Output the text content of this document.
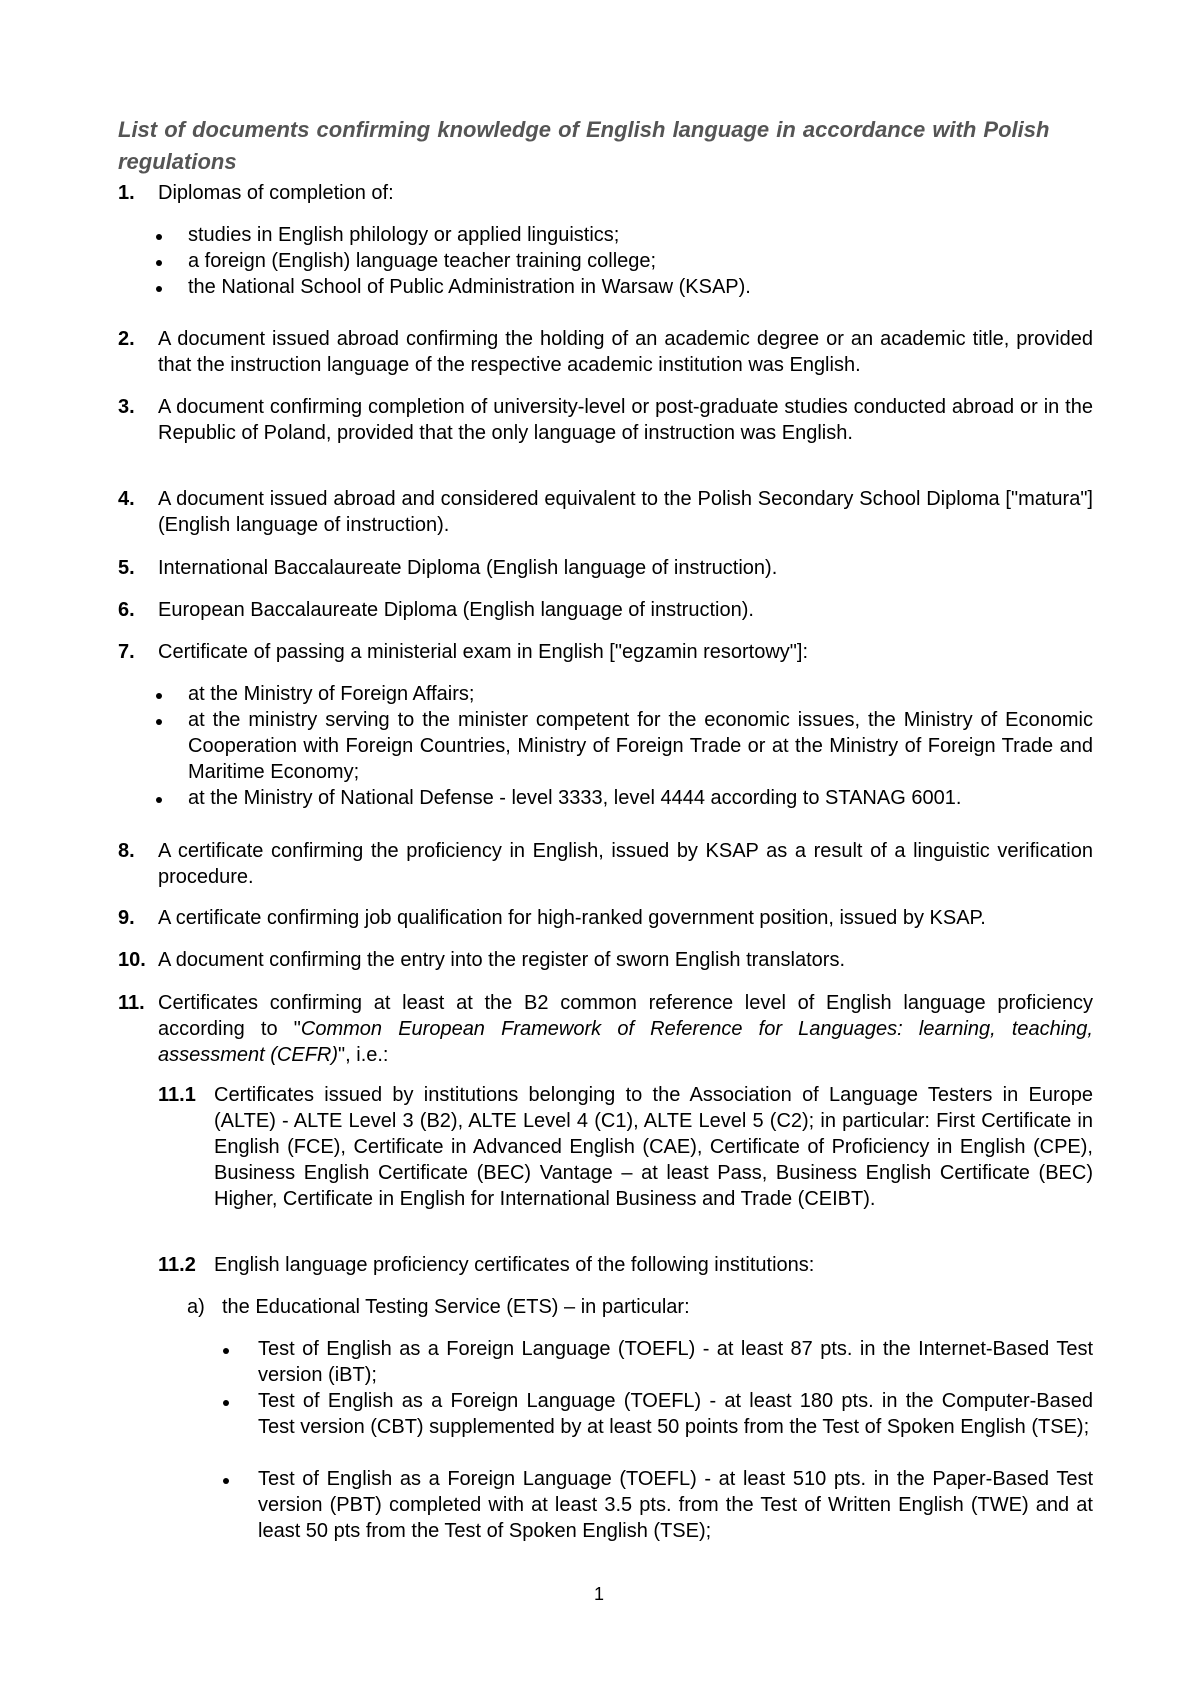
List of documents confirming knowledge of English language in accordance with Polish regulations
1. Diplomas of completion of:
studies in English philology or applied linguistics;
a foreign (English) language teacher training college;
the National School of Public Administration in Warsaw (KSAP).
2. A document issued abroad confirming the holding of an academic degree or an academic title, provided that the instruction language of the respective academic institution was English.
3. A document confirming completion of university-level or post-graduate studies conducted abroad or in the Republic of Poland, provided that the only language of instruction was English.
4. A document issued abroad and considered equivalent to the Polish Secondary School Diploma ["matura"] (English language of instruction).
5. International Baccalaureate Diploma (English language of instruction).
6. European Baccalaureate Diploma (English language of instruction).
7. Certificate of passing a ministerial exam in English ["egzamin resortowy"]:
at the Ministry of Foreign Affairs;
at the ministry serving to the minister competent for the economic issues, the Ministry of Economic Cooperation with Foreign Countries, Ministry of Foreign Trade or at the Ministry of Foreign Trade and Maritime Economy;
at the Ministry of National Defense - level 3333, level 4444 according to STANAG 6001.
8. A certificate confirming the proficiency in English, issued by KSAP as a result of a linguistic verification procedure.
9. A certificate confirming job qualification for high-ranked government position, issued by KSAP.
10. A document confirming the entry into the register of sworn English translators.
11. Certificates confirming at least at the B2 common reference level of English language proficiency according to "Common European Framework of Reference for Languages: learning, teaching, assessment (CEFR)", i.e.:
11.1 Certificates issued by institutions belonging to the Association of Language Testers in Europe (ALTE) - ALTE Level 3 (B2), ALTE Level 4 (C1), ALTE Level 5 (C2); in particular: First Certificate in English (FCE), Certificate in Advanced English (CAE), Certificate of Proficiency in English (CPE), Business English Certificate (BEC) Vantage – at least Pass, Business English Certificate (BEC) Higher, Certificate in English for International Business and Trade (CEIBT).
11.2 English language proficiency certificates of the following institutions:
a) the Educational Testing Service (ETS) – in particular:
Test of English as a Foreign Language (TOEFL) - at least 87 pts. in the Internet-Based Test version (iBT);
Test of English as a Foreign Language (TOEFL) - at least 180 pts. in the Computer-Based Test version (CBT) supplemented by at least 50 points from the Test of Spoken English (TSE);
Test of English as a Foreign Language (TOEFL) - at least 510 pts. in the Paper-Based Test version (PBT) completed with at least 3.5 pts. from the Test of Written English (TWE) and at least 50 pts from the Test of Spoken English (TSE);
1
